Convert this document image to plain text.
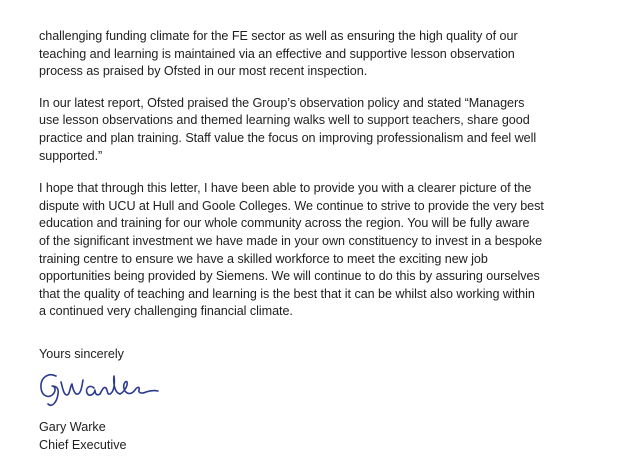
challenging funding climate for the FE sector as well as ensuring the high quality of our
teaching and learning is maintained via an effective and supportive lesson observation
process as praised by Ofsted in our most recent inspection.

In our latest report, Ofsted praised the Group’s observation policy and stated “Managers
use lesson observations and themed learning walks well to support teachers, share good
practice and plan training. Staff value the focus on improving professionalism and feel well
supported.”

I hope that through this letter, I have been able to provide you with a clearer picture of the
dispute with UCU at Hull and Goole Colleges. We continue to strive to provide the very best
education and training for our whole community across the region. You will be fully aware
of the significant investment we have made in your own constituency to invest in a bespoke
training centre to ensure we have a skilled workforce to meet the exciting new job
opportunities being provided by Siemens. We will continue to do this by assuring ourselves
that the quality of teaching and learning is the best that it can be whilst also working within
a continued very challenging financial climate.

Yours sincerely
Gary Warke
Chief Executive
